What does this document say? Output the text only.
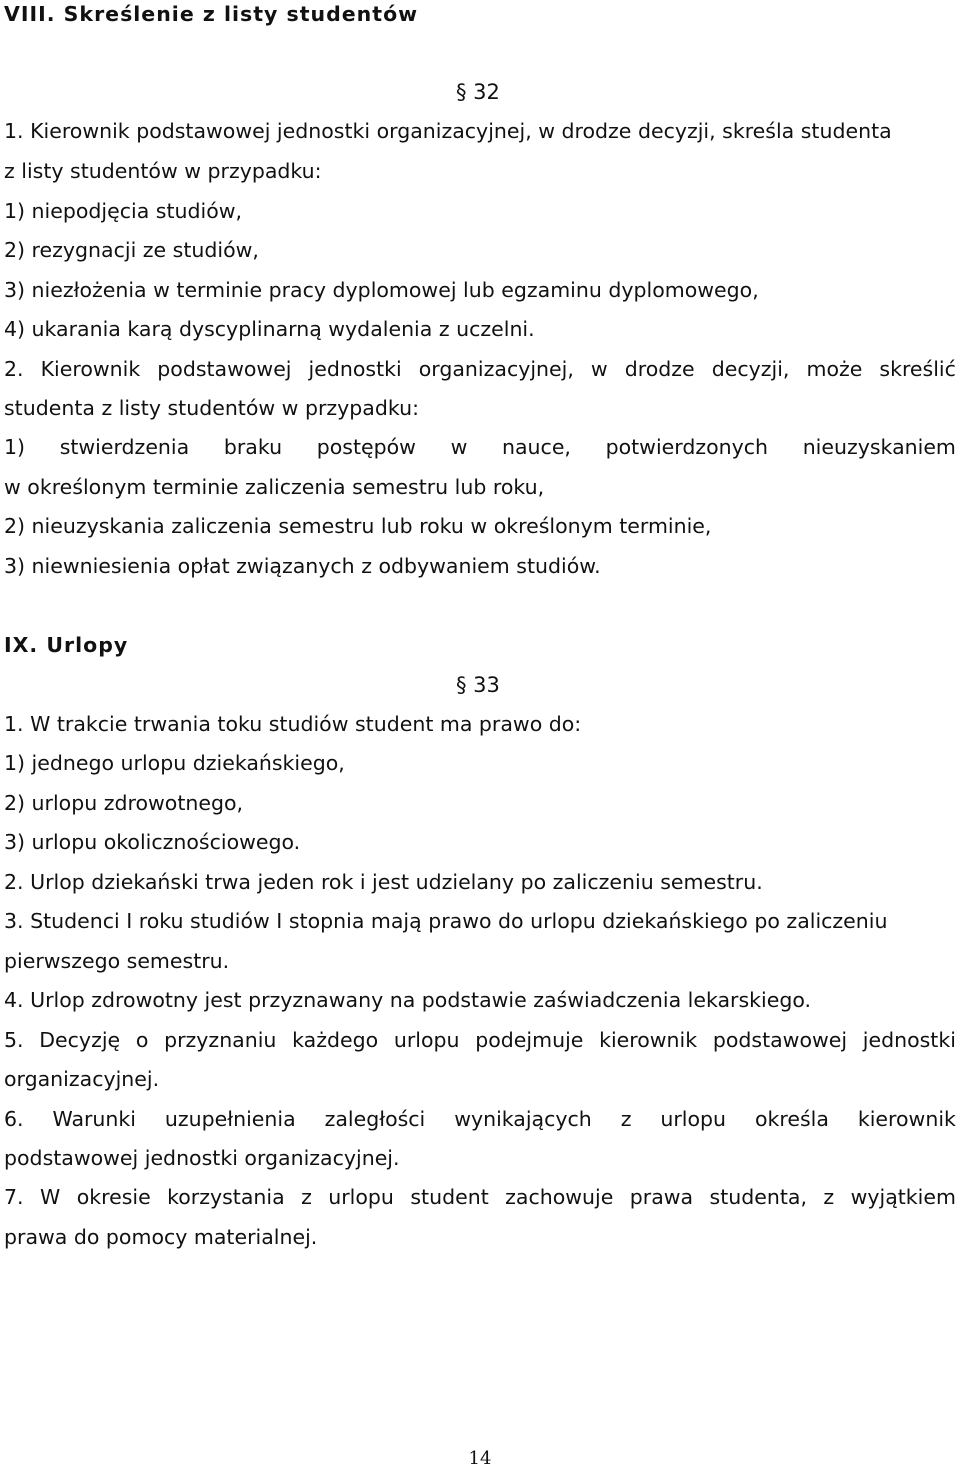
VIII. Skreślenie z listy studentów
§ 32
1. Kierownik podstawowej jednostki organizacyjnej, w drodze decyzji, skreśla studenta
z listy studentów w przypadku:
1) niepodjęcia studiów,
2) rezygnacji ze studiów,
3) niezłożenia w terminie pracy dyplomowej lub egzaminu dyplomowego,
4) ukarania karą dyscyplinarną wydalenia z uczelni.
2. Kierownik podstawowej jednostki organizacyjnej, w drodze decyzji, może skreślić
studenta z listy studentów w przypadku:
1) stwierdzenia braku postępów w nauce, potwierdzonych nieuzyskaniem
w określonym terminie zaliczenia semestru lub roku,
2) nieuzyskania zaliczenia semestru lub roku w określonym terminie,
3) niewniesienia opłat związanych z odbywaniem studiów.
IX. Urlopy
§ 33
1. W trakcie trwania toku studiów student ma prawo do:
1) jednego urlopu dziekańskiego,
2) urlopu zdrowotnego,
3) urlopu okolicznościowego.
2. Urlop dziekański trwa jeden rok i jest udzielany po zaliczeniu semestru.
3. Studenci I roku studiów I stopnia mają prawo do urlopu dziekańskiego po zaliczeniu
pierwszego semestru.
4. Urlop zdrowotny jest przyznawany na podstawie zaświadczenia lekarskiego.
5. Decyzję o przyznaniu każdego urlopu podejmuje kierownik podstawowej jednostki
organizacyjnej.
6. Warunki uzupełnienia zaległości wynikających z urlopu określa kierownik
podstawowej jednostki organizacyjnej.
7. W okresie korzystania z urlopu student zachowuje prawa studenta, z wyjątkiem
prawa do pomocy materialnej.
14
